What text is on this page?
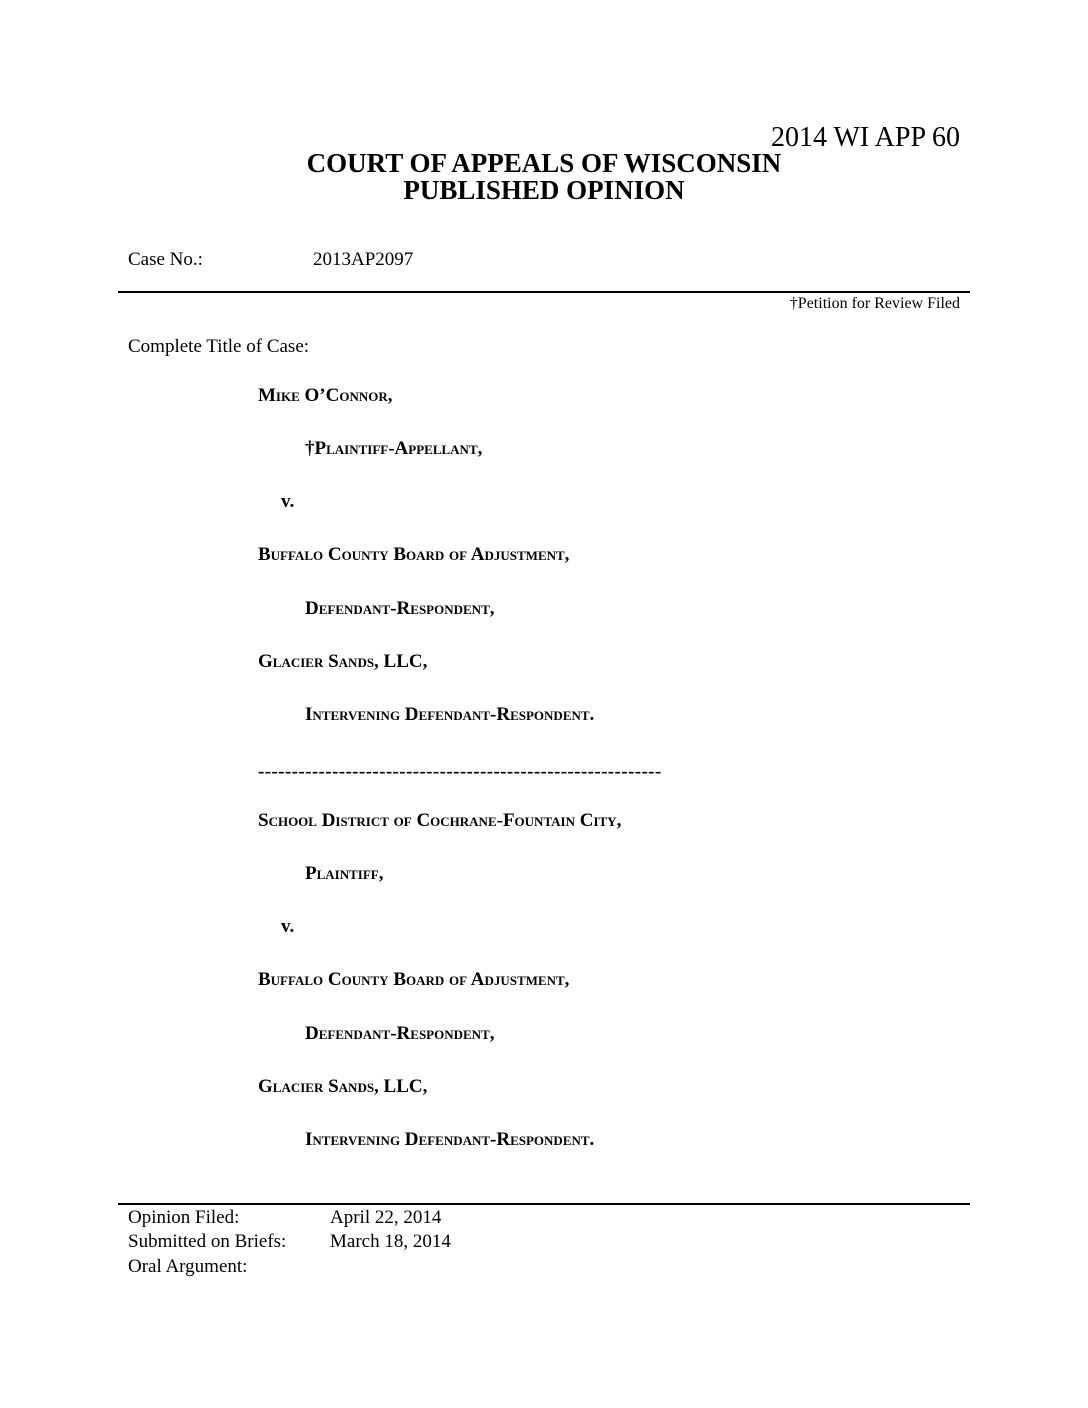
2014 WI APP 60
COURT OF APPEALS OF WISCONSIN
PUBLISHED OPINION
Case No.:	2013AP2097
†Petition for Review Filed
Complete Title of Case:
Mike O’Connor,
†Plaintiff-Appellant,
v.
Buffalo County Board of Adjustment,
Defendant-Respondent,
Glacier Sands, LLC,
Intervening Defendant-Respondent.
------------------------------------------------------------
School District of Cochrane-Fountain City,
Plaintiff,
v.
Buffalo County Board of Adjustment,
Defendant-Respondent,
Glacier Sands, LLC,
Intervening Defendant-Respondent.
Opinion Filed:	April 22, 2014
Submitted on Briefs: March 18, 2014
Oral Argument:
